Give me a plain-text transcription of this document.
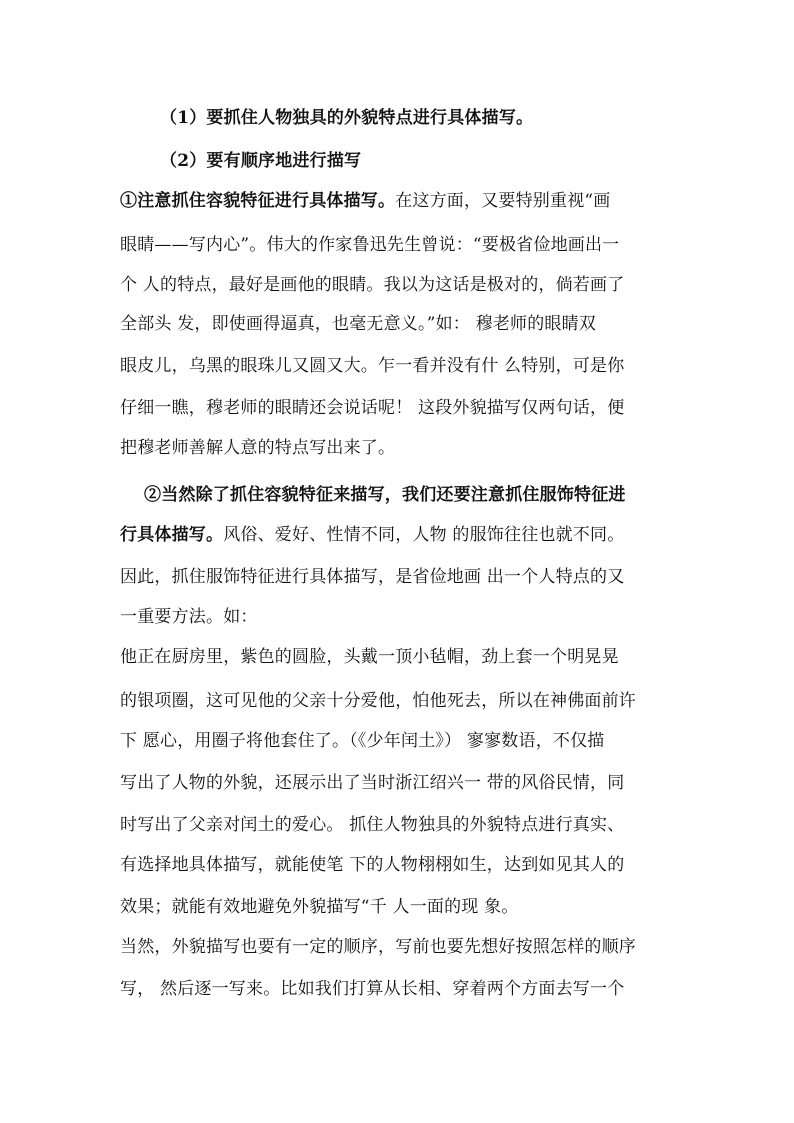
（1）要抓住人物独具的外貌特点进行具体描写。
（2）要有顺序地进行描写
①注意抓住容貌特征进行具体描写。在这方面，又要特别重视“画
眼睛——写内心”。伟大的作家鲁迅先生曾说：“要极省俭地画出一
个 人的特点，最好是画他的眼睛。我以为这话是极对的，倘若画了
全部头 发，即使画得逼真，也毫无意义。”如： 穆老师的眼睛双
眼皮儿，乌黑的眼珠儿又圆又大。乍一看并没有什 么特别，可是你
仔细一瞧，穆老师的眼睛还会说话呢！ 这段外貌描写仅两句话，便
把穆老师善解人意的特点写出来了。
②当然除了抓住容貌特征来描写，我们还要注意抓住服饰特征进
行具体描写。风俗、爱好、性情不同，人物 的服饰往往也就不同。
因此，抓住服饰特征进行具体描写，是省俭地画 出一个人特点的又
一重要方法。如：
他正在厨房里，紫色的圆脸，头戴一顶小毡帽，劲上套一个明晃晃
的银项圈，这可见他的父亲十分爱他，怕他死去，所以在神佛面前许
下 愿心，用圈子将他套住了。（《少年闰土》） 寥寥数语，不仅描
写出了人物的外貌，还展示出了当时浙江绍兴一 带的风俗民情，同
时写出了父亲对闰土的爱心。 抓住人物独具的外貌特点进行真实、
有选择地具体描写，就能使笔 下的人物栩栩如生，达到如见其人的
效果；就能有效地避免外貌描写“千 人一面的现 象。
当然，外貌描写也要有一定的顺序，写前也要先想好按照怎样的顺序
写， 然后逐一写来。比如我们打算从长相、穿着两个方面去写一个
